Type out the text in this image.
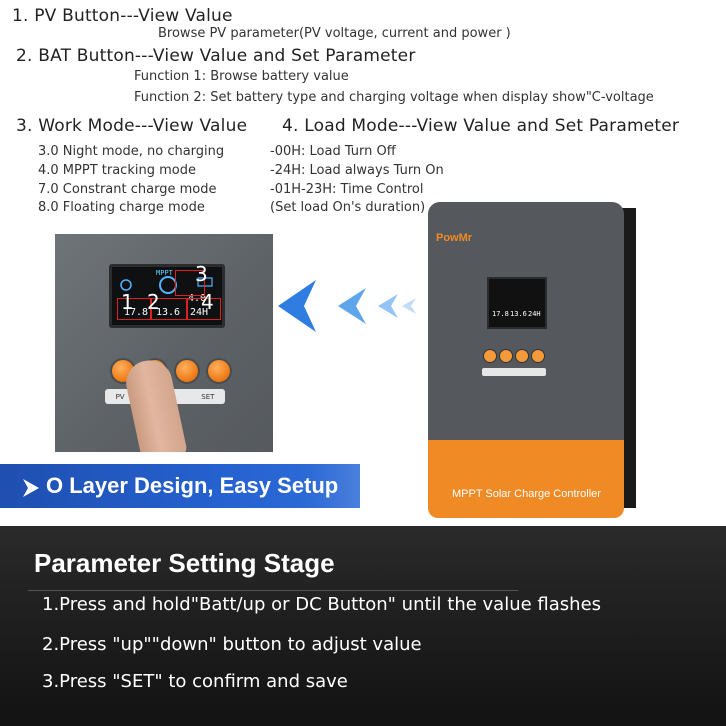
1. PV Button---View Value
Browse PV parameter(PV voltage, current and power )
2. BAT Button---View Value and Set Parameter
Function 1: Browse battery value
Function 2: Set battery type and charging voltage when display show"C-voltage
3. Work Mode---View Value
3.0 Night mode, no charging
4.0 MPPT tracking mode
7.0 Constrant charge mode
8.0 Floating charge mode
4. Load Mode---View Value and Set Parameter
-00H: Load Turn Off
-24H: Load always Turn On
-01H-23H: Time Control
(Set load On's duration)
MPPT
17.8 13.6
4.0
24H
1 2
3
4
PV	SET
PowMr
17.8 13.6 24H
MPPT Solar Charge Controller
O Layer Design, Easy Setup
Parameter Setting Stage
1.Press and hold"Batt/up or DC Button" until the value flashes
2.Press "up""down" button to adjust value
3.Press "SET" to confirm and save
